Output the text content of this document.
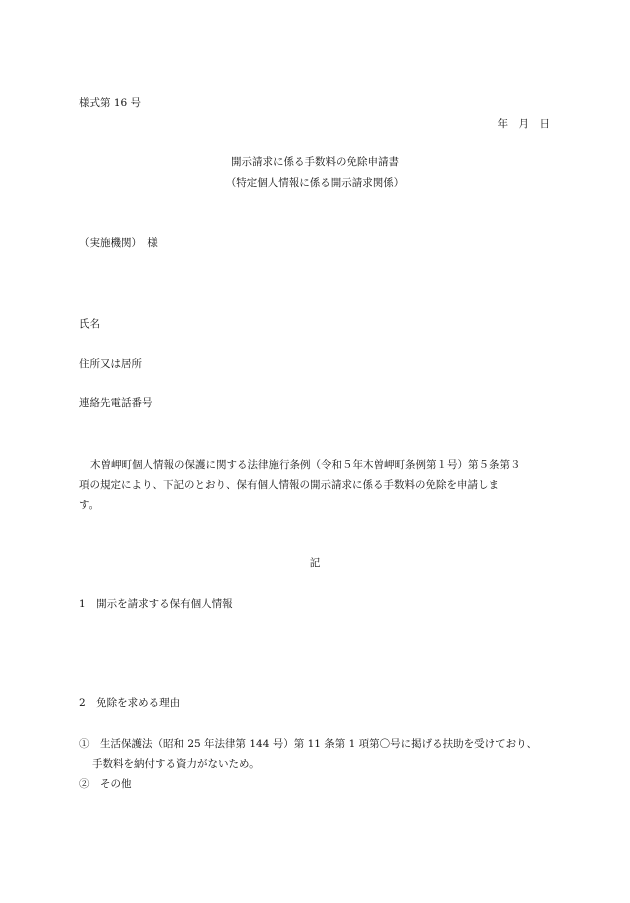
様式第 16 号
年　月　日
開示請求に係る手数料の免除申請書
（特定個人情報に係る開示請求関係）
（実施機関）　様
氏名
住所又は居所
連絡先電話番号
木曽岬町個人情報の保護に関する法律施行条例（令和５年木曽岬町条例第１号）第５条第３
項の規定により、下記のとおり、保有個人情報の開示請求に係る手数料の免除を申請しま
す。
記
1　開示を請求する保有個人情報
2　免除を求める理由
①　生活保護法（昭和 25 年法律第 144 号）第 11 条第 1 項第〇号に掲げる扶助を受けており、
手数料を納付する資力がないため。
②　その他
